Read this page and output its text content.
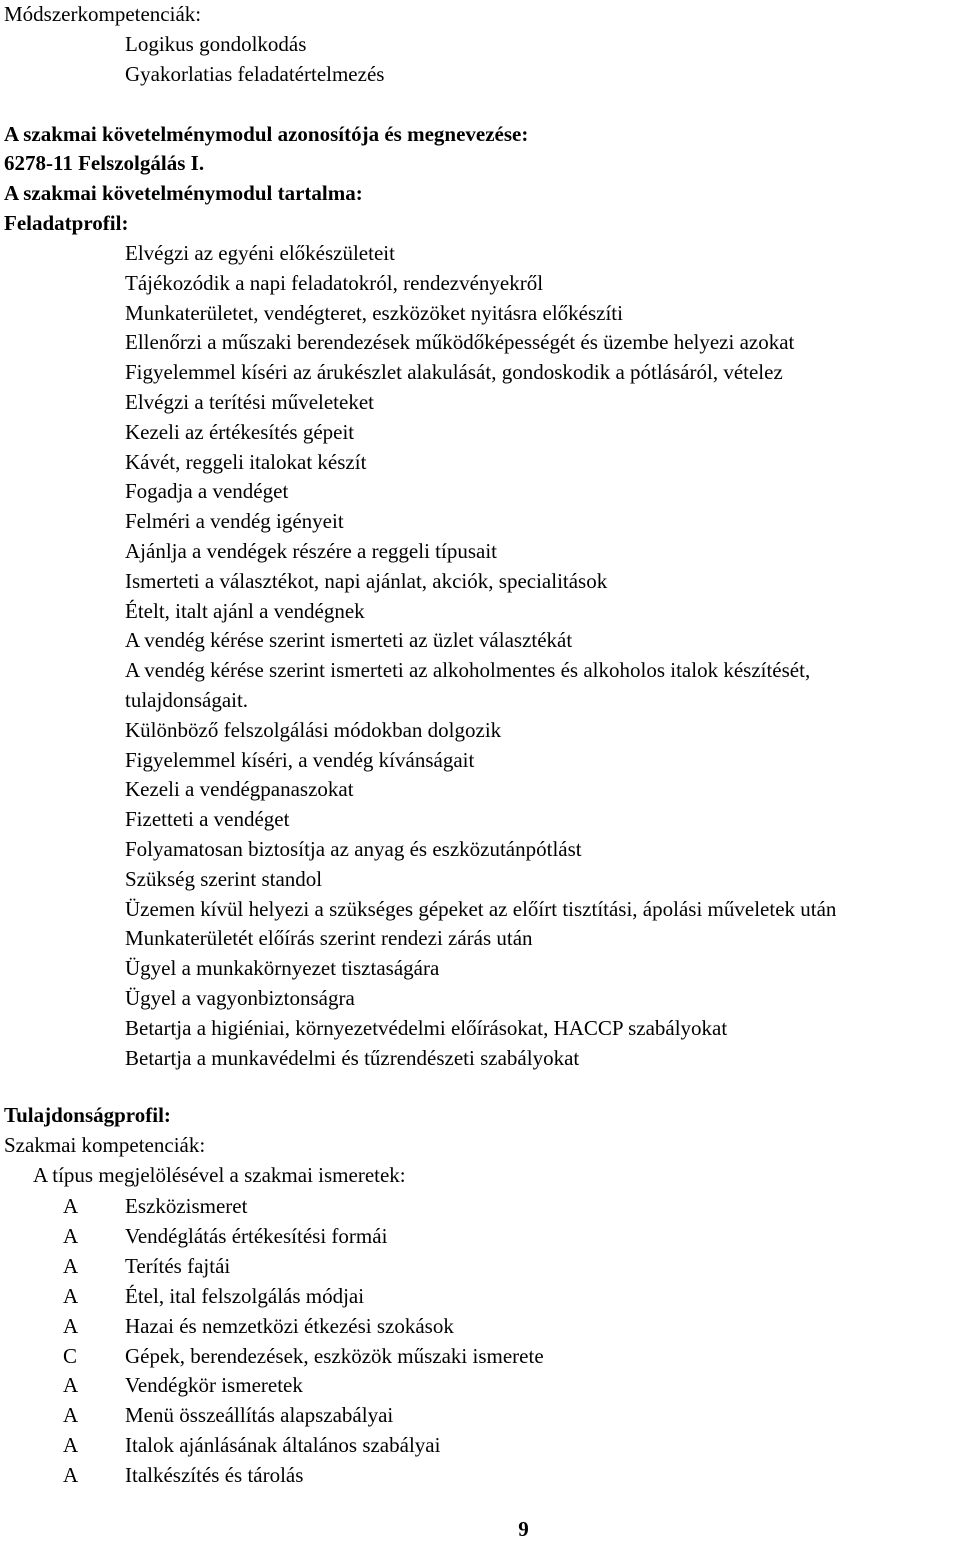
Módszerkompetenciák:
Logikus gondolkodás
Gyakorlatias feladatértelmezés
A szakmai követelménymodul azonosítója és megnevezése:
6278-11 Felszolgálás I.
A szakmai követelménymodul tartalma:
Feladatprofil:
Elvégzi az egyéni előkészületeit
Tájékozódik a napi feladatokról, rendezvényekről
Munkaterületet, vendégteret, eszközöket nyitásra előkészíti
Ellenőrzi a műszaki berendezések működőképességét és üzembe helyezi azokat
Figyelemmel kíséri az árukészlet alakulását, gondoskodik a pótlásáról, vételez
Elvégzi a terítési műveleteket
Kezeli az értékesítés gépeit
Kávét, reggeli italokat készít
Fogadja a vendéget
Felméri a vendég igényeit
Ajánlja a vendégek részére a reggeli típusait
Ismerteti a választékot, napi ajánlat, akciók, specialitások
Ételt, italt ajánl a vendégnek
A vendég kérése szerint ismerteti az üzlet választékát
A vendég kérése szerint ismerteti az alkoholmentes és alkoholos italok készítését,
tulajdonságait.
Különböző felszolgálási módokban dolgozik
Figyelemmel kíséri, a vendég kívánságait
Kezeli a vendégpanaszokat
Fizetteti a vendéget
Folyamatosan biztosítja az anyag és eszközutánpótlást
Szükség szerint standol
Üzemen kívül helyezi a szükséges gépeket az előírt tisztítási, ápolási műveletek után
Munkaterületét előírás szerint rendezi zárás után
Ügyel a munkakörnyezet tisztaságára
Ügyel a vagyonbiztonságra
Betartja a higiéniai, környezetvédelmi előírásokat, HACCP szabályokat
Betartja a munkavédelmi és tűzrendészeti szabályokat
Tulajdonságprofil:
Szakmai kompetenciák:
A típus megjelölésével a szakmai ismeretek:
A Eszközismeret
A Vendéglátás értékesítési formái
A Terítés fajtái
A Étel, ital felszolgálás módjai
A Hazai és nemzetközi étkezési szokások
C Gépek, berendezések, eszközök műszaki ismerete
A Vendégkör ismeretek
A Menü összeállítás alapszabályai
A Italok ajánlásának általános szabályai
A Italkészítés és tárolás
9
